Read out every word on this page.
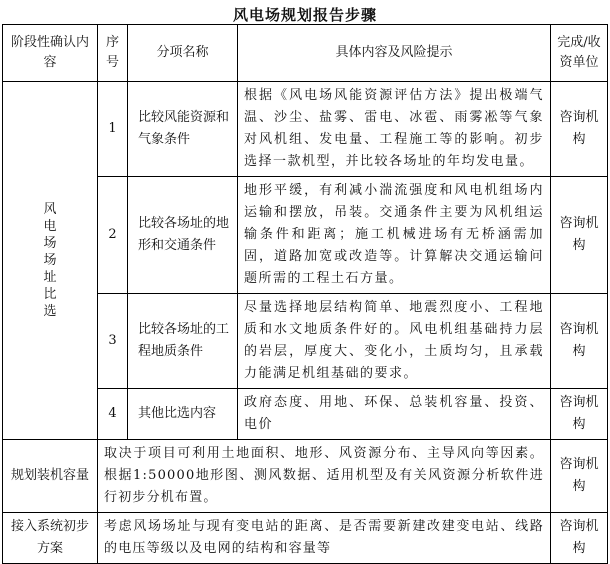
风电场规划报告步骤
阶段性确认内容	序号	分项名称	具体内容及风险提示	完成/收资单位

风电场场址比选	1	比较风能资源和气象条件	根据《风电场风能资源评估方法》提出极端气温、沙尘、盐雾、雷电、冰雹、雨雾凇等气象对风机组、发电量、工程施工等的影响。初步选择一款机型，并比较各场址的年均发电量。	咨询机构
	2	比较各场址的地形和交通条件	地形平缓，有利减小湍流强度和风电机组场内运输和摆放，吊装。交通条件主要为风机组运输条件和距离；施工机械进场有无桥涵需加固，道路加宽或改造等。计算解决交通运输问题所需的工程土石方量。	咨询机构
	3	比较各场址的工程地质条件	尽量选择地层结构简单、地震烈度小、工程地质和水文地质条件好的。风电机组基础持力层的岩层，厚度大、变化小，土质均匀，且承载力能满足机组基础的要求。	咨询机构
	4	其他比选内容	政府态度、用地、环保、总装机容量、投资、电价	咨询机构
规划装机容量	取决于项目可利用土地面积、地形、风资源分布、主导风向等因素。根据1:50000地形图、测风数据、适用机型及有关风资源分析软件进行初步分机布置。			咨询机构
接入系统初步方案	考虑风场场址与现有变电站的距离、是否需要新建改建变电站、线路的电压等级以及电网的结构和容量等			咨询机构
